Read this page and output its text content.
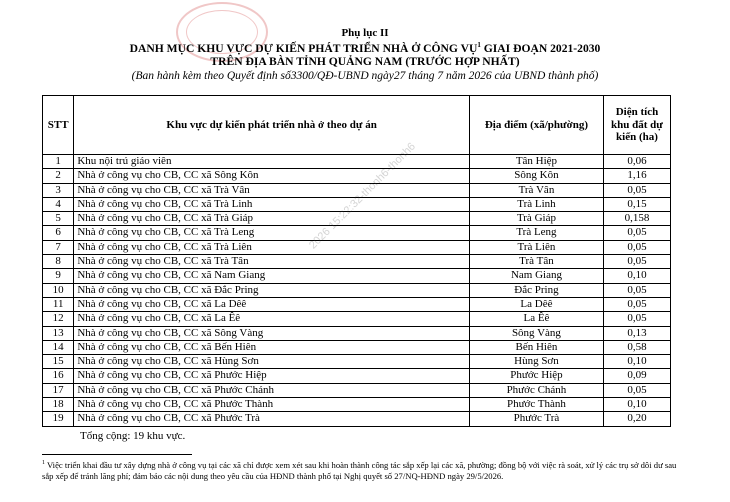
Phụ lục II
DANH MỤC KHU VỰC DỰ KIẾN PHÁT TRIỂN NHÀ Ở CÔNG VỤ$^1$ GIAI ĐOẠN 2021-2030
TRÊN ĐỊA BÀN TỈNH QUẢNG NAM (TRƯỚC HỢP NHẤT)
(Ban hành kèm theo Quyết định số3300/QĐ-UBND ngày27 tháng 7 năm 2026 của UBND thành phố)
STT	Khu vực dự kiến phát triển nhà ở theo dự án	Địa điểm (xã/phường)	Diện tích khu đất dự kiến (ha)
1	Khu nội trú giáo viên	Tân Hiệp	0,06
2	Nhà ở công vụ cho CB, CC xã Sông Kôn	Sông Kôn	1,16
3	Nhà ở công vụ cho CB, CC xã Trà Vân	Trà Vân	0,05
4	Nhà ở công vụ cho CB, CC xã Trà Linh	Trà Linh	0,15
5	Nhà ở công vụ cho CB, CC xã Trà Giáp	Trà Giáp	0,158
6	Nhà ở công vụ cho CB, CC xã Trà Leng	Trà Leng	0,05
7	Nhà ở công vụ cho CB, CC xã Trà Liên	Trà Liên	0,05
8	Nhà ở công vụ cho CB, CC xã Trà Tân	Trà Tân	0,05
9	Nhà ở công vụ cho CB, CC xã Nam Giang	Nam Giang	0,10
10	Nhà ở công vụ cho CB, CC xã Đắc Pring	Đắc Pring	0,05
11	Nhà ở công vụ cho CB, CC xã La Dêê	La Dêê	0,05
12	Nhà ở công vụ cho CB, CC xã La Êê	La Êê	0,05
13	Nhà ở công vụ cho CB, CC xã Sông Vàng	Sông Vàng	0,13
14	Nhà ở công vụ cho CB, CC xã Bến Hiên	Bến Hiên	0,58
15	Nhà ở công vụ cho CB, CC xã Hùng Sơn	Hùng Sơn	0,10
16	Nhà ở công vụ cho CB, CC xã Phước Hiệp	Phước Hiệp	0,09
17	Nhà ở công vụ cho CB, CC xã Phước Chánh	Phước Chánh	0,05
18	Nhà ở công vụ cho CB, CC xã Phước Thành	Phước Thành	0,10
19	Nhà ở công vụ cho CB, CC xã Phước Trà	Phước Trà	0,20
Tổng cộng: 19 khu vực.
$^1$ Việc triển khai đầu tư xây dựng nhà ở công vụ tại các xã chỉ được xem xét sau khi hoàn thành công tác sắp xếp lại các xã, phường; đồng bộ với việc rà soát, xử lý các trụ sở dôi dư sau sắp xếp để tránh lãng phí; đảm bảo các nội dung theo yêu cầu của HĐND thành phố tại Nghị quyết số 27/NQ-HĐND ngày 29/5/2026.
2026 15:22:32-thonh6-thonh6
